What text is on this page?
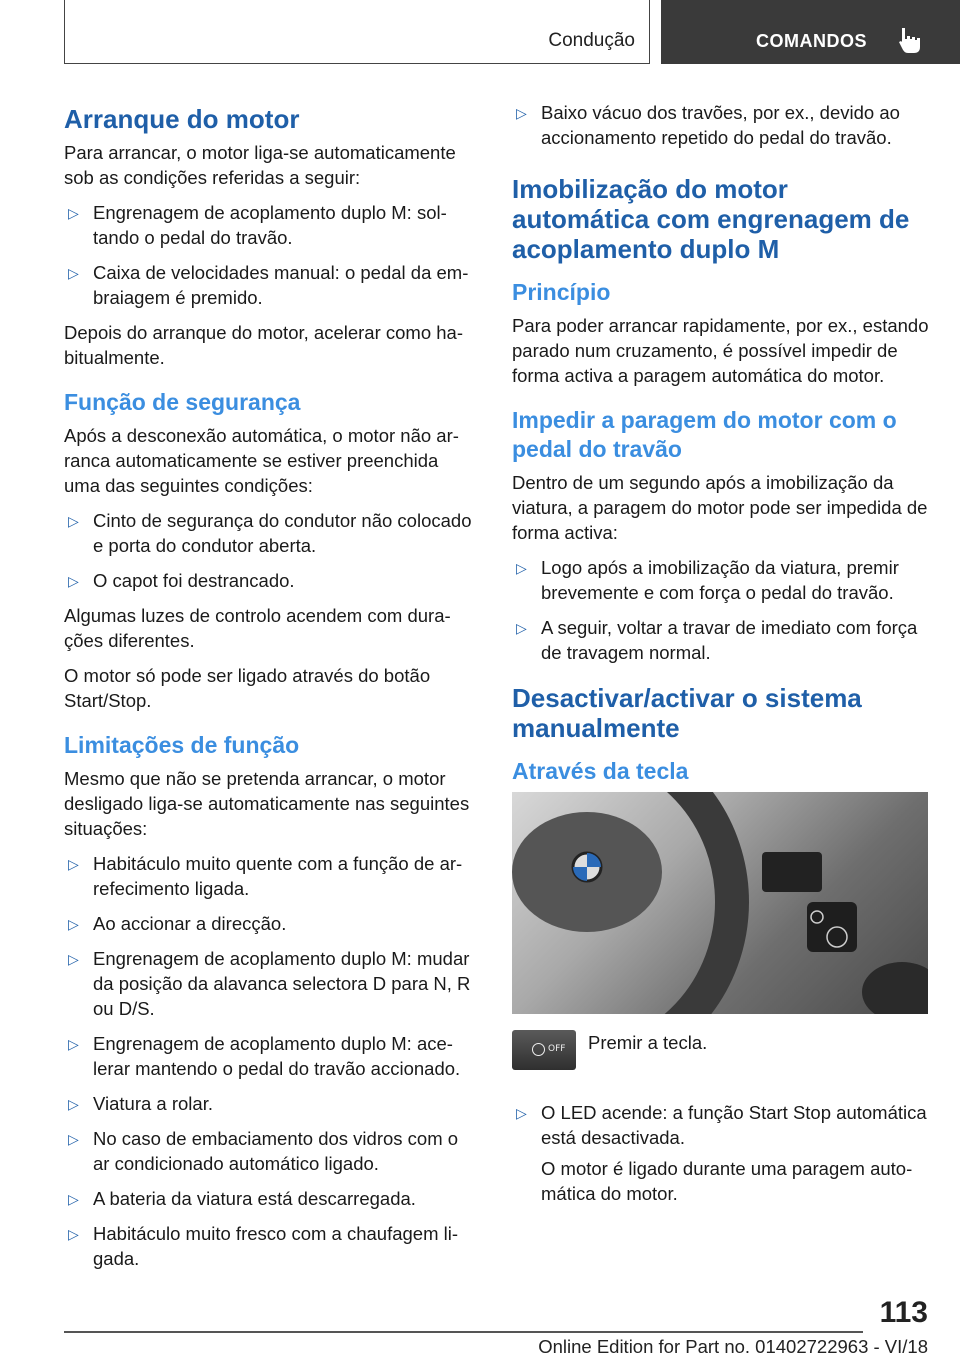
Condução	COMANDOS
Arranque do motor

Para arrancar, o motor liga-se automaticamente sob as condições referidas a seguir:

▷ Engrenagem de acoplamento duplo M: soltando o pedal do travão.
▷ Caixa de velocidades manual: o pedal da embraiagem é premido.

Depois do arranque do motor, acelerar como habitualmente.

Função de segurança

Após a desconexão automática, o motor não arranca automaticamente se estiver preenchida uma das seguintes condições:

▷ Cinto de segurança do condutor não colocado e porta do condutor aberta.
▷ O capot foi destrancado.

Algumas luzes de controlo acendem com durações diferentes.

O motor só pode ser ligado através do botão Start/Stop.

Limitações de função

Mesmo que não se pretenda arrancar, o motor desligado liga-se automaticamente nas seguintes situações:

▷ Habitáculo muito quente com a função de arrefecimento ligada.
▷ Ao accionar a direcção.
▷ Engrenagem de acoplamento duplo M: mudar da posição da alavanca selectora D para N, R ou D/S.
▷ Engrenagem de acoplamento duplo M: acelerar mantendo o pedal do travão accionado.
▷ Viatura a rolar.
▷ No caso de embaciamento dos vidros com o ar condicionado automático ligado.
▷ A bateria da viatura está descarregada.
▷ Habitáculo muito fresco com a chaufagem ligada.
▷ Baixo vácuo dos travões, por ex., devido ao accionamento repetido do pedal do travão.
Imobilização do motor automática com engrenagem de acoplamento duplo M
Princípio

Para poder arrancar rapidamente, por ex., estando parado num cruzamento, é possível impedir de forma activa a paragem automática do motor.

Impedir a paragem do motor com o pedal do travão

Dentro de um segundo após a imobilização da viatura, a paragem do motor pode ser impedida de forma activa:

▷ Logo após a imobilização da viatura, premir brevemente e com força o pedal do travão.
▷ A seguir, voltar a travar de imediato com força de travagem normal.
Desactivar/activar o sistema manualmente
Através da tecla
OFF Premir a tecla.
▷ O LED acende: a função Start Stop automática está desactivada.
O motor é ligado durante uma paragem automática do motor.
113
Online Edition for Part no. 01402722963 - VI/18
